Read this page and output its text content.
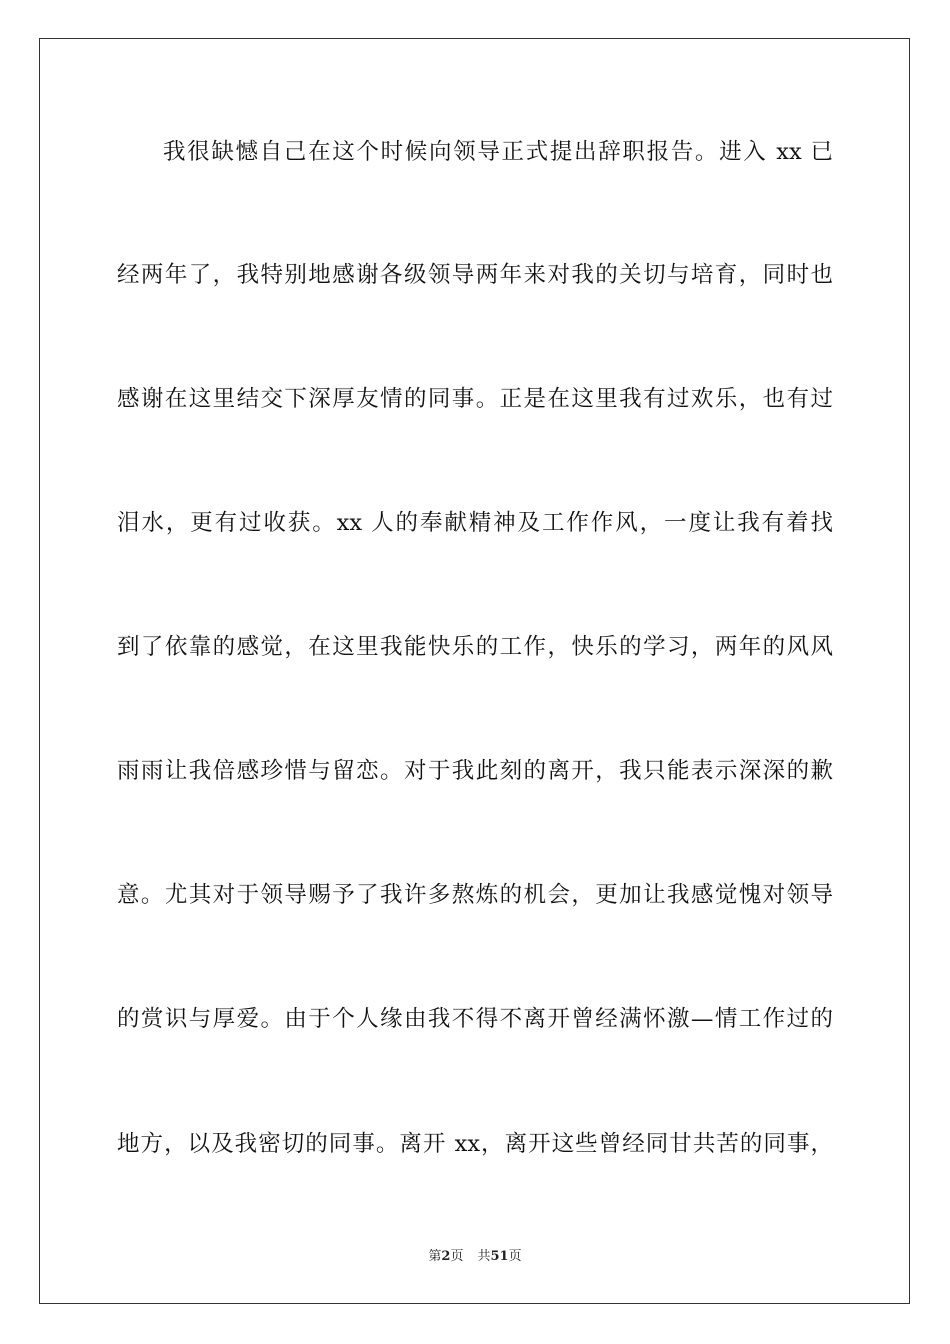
我很缺憾自己在这个时候向领导正式提出辞职报告。进入 xx 已
经两年了，我特别地感谢各级领导两年来对我的关切与培育，同时也
感谢在这里结交下深厚友情的同事。正是在这里我有过欢乐，也有过
泪水，更有过收获。xx 人的奉献精神及工作作风，一度让我有着找
到了依靠的感觉，在这里我能快乐的工作，快乐的学习，两年的风风
雨雨让我倍感珍惜与留恋。对于我此刻的离开，我只能表示深深的歉
意。尤其对于领导赐予了我许多熬炼的机会，更加让我感觉愧对领导
的赏识与厚爱。由于个人缘由我不得不离开曾经满怀激—情工作过的
地方，以及我密切的同事。离开 xx，离开这些曾经同甘共苦的同事，
第2页 共51页
